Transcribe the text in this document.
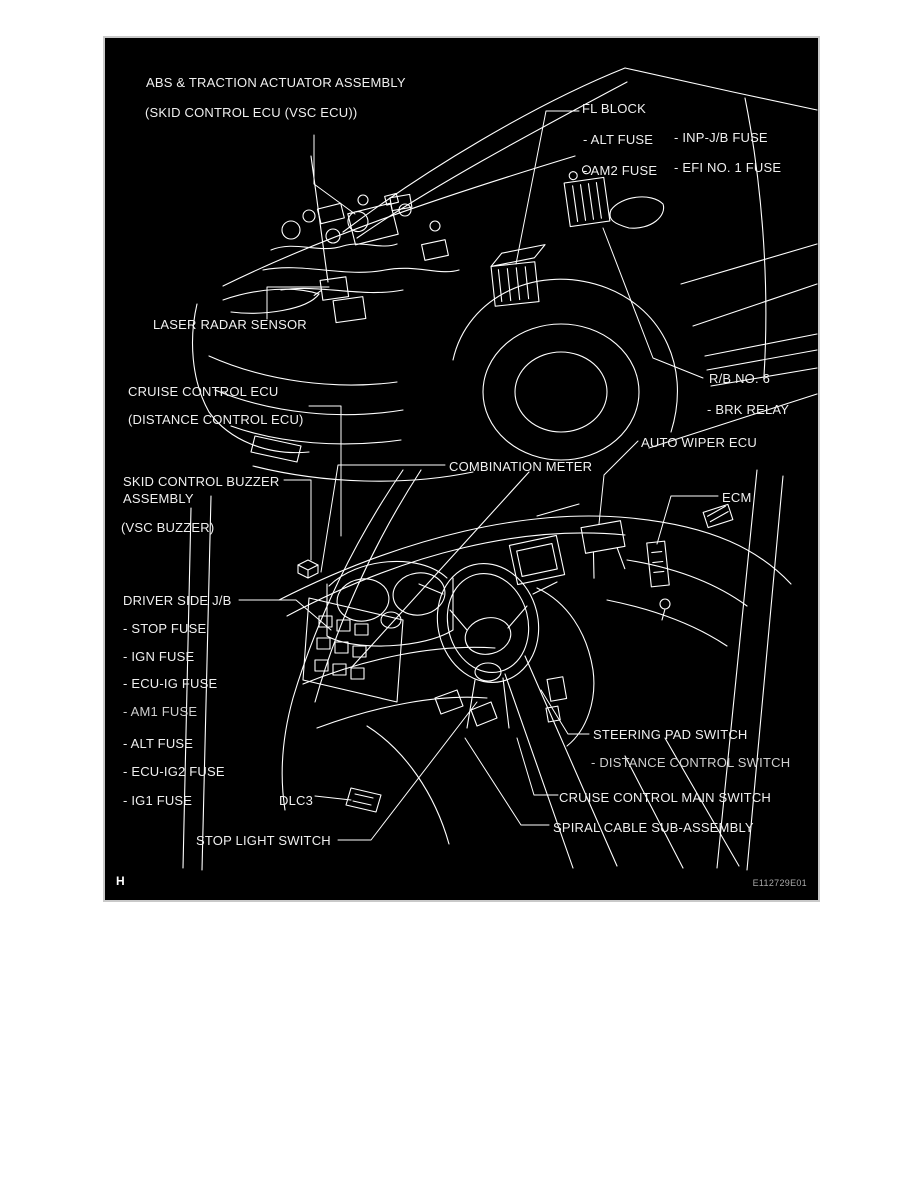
ABS & TRACTION ACTUATOR ASSEMBLY
(SKID CONTROL ECU (VSC ECU))	FL BLOCK
- ALT FUSE - INP-J/B FUSE
- AM2 FUSE - EFI NO. 1 FUSE
LASER RADAR SENSOR
CRUISE CONTROL ECU
(DISTANCE CONTROL ECU)
R/B NO. 6
- BRK RELAY
AUTO WIPER ECU
COMBINATION METER
ECM
SKID CONTROL BUZZER
ASSEMBLY
(VSC BUZZER)
DRIVER SIDE J/B
- STOP FUSE
- IGN FUSE
- ECU-IG FUSE
- AM1 FUSE
- ALT FUSE
- ECU-IG2 FUSE
- IG1 FUSE	DLC3
STOP LIGHT SWITCH
STEERING PAD SWITCH
- DISTANCE CONTROL SWITCH
CRUISE CONTROL MAIN SWITCH
SPIRAL CABLE SUB-ASSEMBLY
H	E112729E01
